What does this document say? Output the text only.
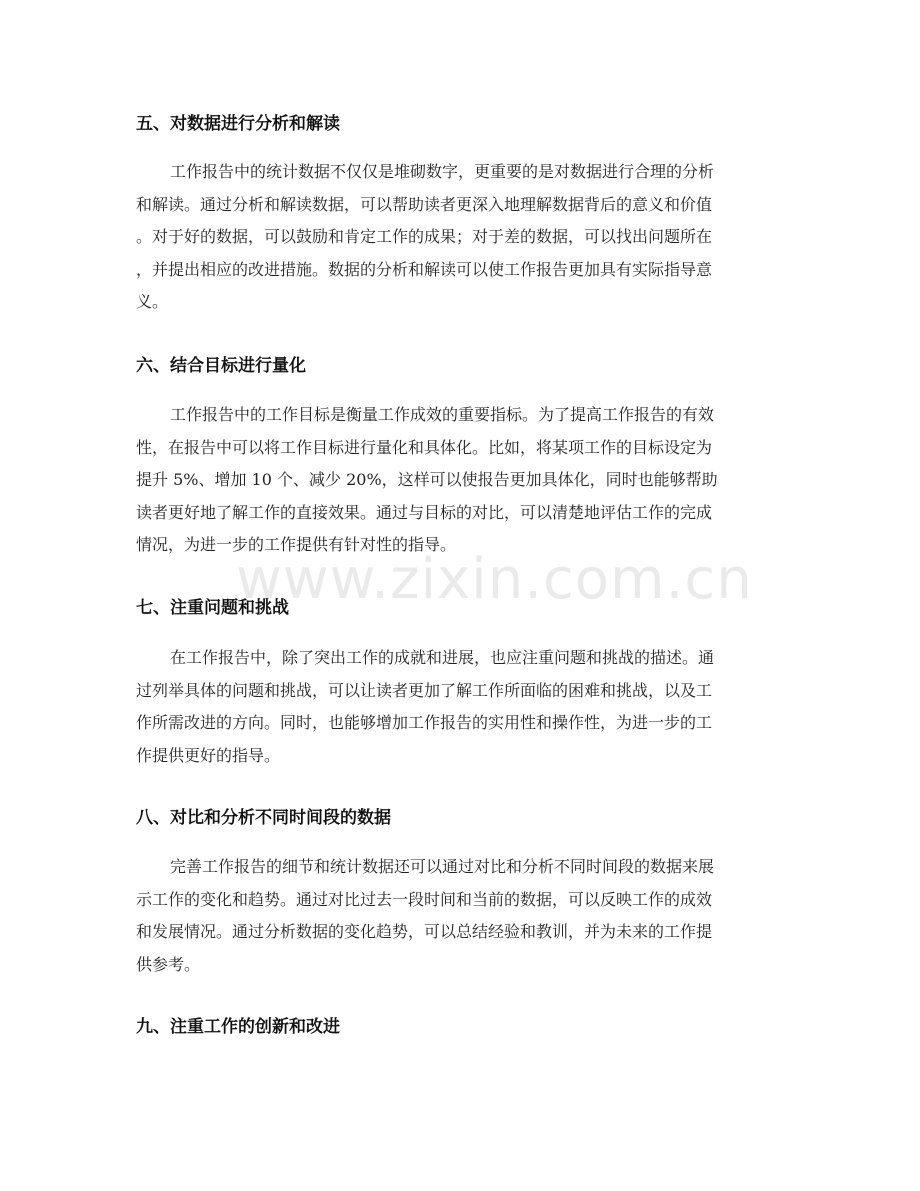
五、对数据进行分析和解读
工作报告中的统计数据不仅仅是堆砌数字，更重要的是对数据进行合理的分析
和解读。通过分析和解读数据，可以帮助读者更深入地理解数据背后的意义和价值
。对于好的数据，可以鼓励和肯定工作的成果；对于差的数据，可以找出问题所在
，并提出相应的改进措施。数据的分析和解读可以使工作报告更加具有实际指导意
义。
六、结合目标进行量化
工作报告中的工作目标是衡量工作成效的重要指标。为了提高工作报告的有效
性，在报告中可以将工作目标进行量化和具体化。比如，将某项工作的目标设定为
提升 5%、增加 10 个、减少 20%，这样可以使报告更加具体化，同时也能够帮助
读者更好地了解工作的直接效果。通过与目标的对比，可以清楚地评估工作的完成
情况，为进一步的工作提供有针对性的指导。
七、注重问题和挑战
在工作报告中，除了突出工作的成就和进展，也应注重问题和挑战的描述。通
过列举具体的问题和挑战，可以让读者更加了解工作所面临的困难和挑战，以及工
作所需改进的方向。同时，也能够增加工作报告的实用性和操作性，为进一步的工
作提供更好的指导。
八、对比和分析不同时间段的数据
完善工作报告的细节和统计数据还可以通过对比和分析不同时间段的数据来展
示工作的变化和趋势。通过对比过去一段时间和当前的数据，可以反映工作的成效
和发展情况。通过分析数据的变化趋势，可以总结经验和教训，并为未来的工作提
供参考。
九、注重工作的创新和改进
www.zixin.com.cn
